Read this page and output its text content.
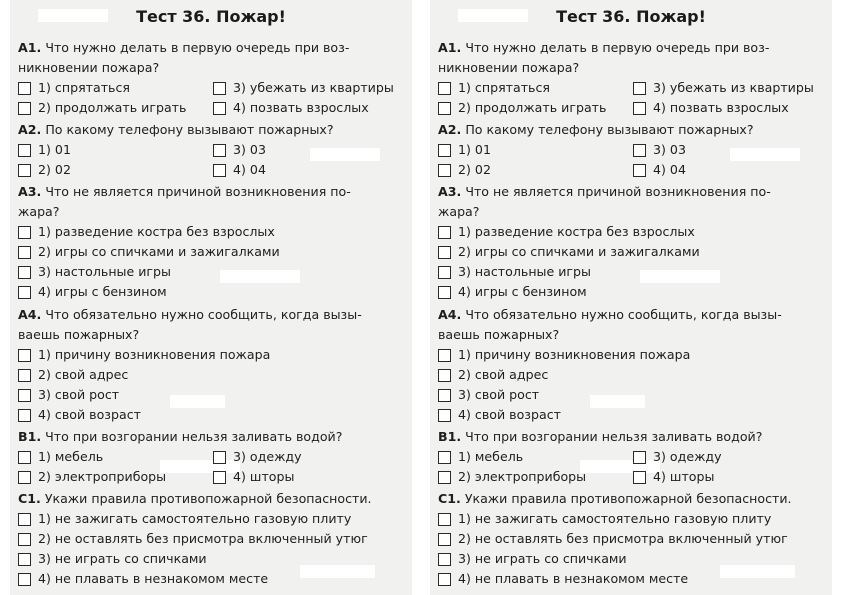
Тест 36. Пожар!
А1. Что нужно делать в первую очередь при воз-
никновении пожара?
1) спрятаться	3) убежать из квартиры
2) продолжать играть	4) позвать взрослых
А2. По какому телефону вызывают пожарных?
1) 01	3) 03
2) 02	4) 04
А3. Что не является причиной возникновения по-
жара?
1) разведение костра без взрослых
2) игры со спичками и зажигалками
3) настольные игры
4) игры с бензином
А4. Что обязательно нужно сообщить, когда вызы-
ваешь пожарных?
1) причину возникновения пожара
2) свой адрес
3) свой рост
4) свой возраст
В1. Что при возгорании нельзя заливать водой?
1) мебель	3) одежду
2) электроприборы	4) шторы
С1. Укажи правила противопожарной безопасности.
1) не зажигать самостоятельно газовую плиту
2) не оставлять без присмотра включенный утюг
3) не играть со спичками
4) не плавать в незнакомом месте
Тест 36. Пожар!
А1. Что нужно делать в первую очередь при воз-
никновении пожара?
1) спрятаться	3) убежать из квартиры
2) продолжать играть	4) позвать взрослых
А2. По какому телефону вызывают пожарных?
1) 01	3) 03
2) 02	4) 04
А3. Что не является причиной возникновения по-
жара?
1) разведение костра без взрослых
2) игры со спичками и зажигалками
3) настольные игры
4) игры с бензином
А4. Что обязательно нужно сообщить, когда вызы-
ваешь пожарных?
1) причину возникновения пожара
2) свой адрес
3) свой рост
4) свой возраст
В1. Что при возгорании нельзя заливать водой?
1) мебель	3) одежду
2) электроприборы	4) шторы
С1. Укажи правила противопожарной безопасности.
1) не зажигать самостоятельно газовую плиту
2) не оставлять без присмотра включенный утюг
3) не играть со спичками
4) не плавать в незнакомом месте
